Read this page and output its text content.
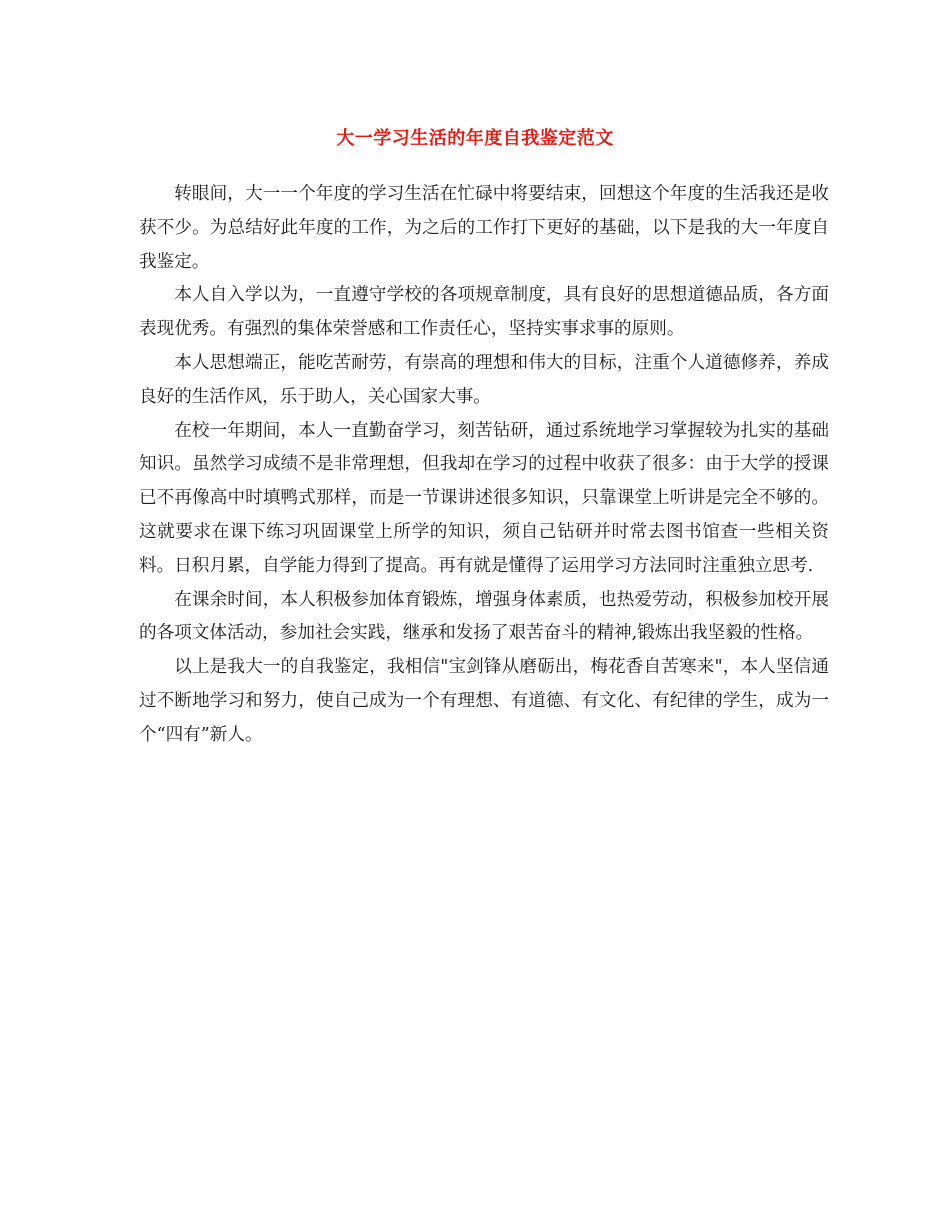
大一学习生活的年度自我鉴定范文

转眼间，大一一个年度的学习生活在忙碌中将要结束，回想这个年度的生活我还是收获不少。为总结好此年度的工作，为之后的工作打下更好的基础，以下是我的大一年度自我鉴定。

本人自入学以为，一直遵守学校的各项规章制度，具有良好的思想道德品质，各方面表现优秀。有强烈的集体荣誉感和工作责任心，坚持实事求事的原则。

本人思想端正，能吃苦耐劳，有崇高的理想和伟大的目标，注重个人道德修养，养成良好的生活作风，乐于助人，关心国家大事。

在校一年期间，本人一直勤奋学习，刻苦钻研，通过系统地学习掌握较为扎实的基础知识。虽然学习成绩不是非常理想，但我却在学习的过程中收获了很多：由于大学的授课已不再像高中时填鸭式那样，而是一节课讲述很多知识，只靠课堂上听讲是完全不够的。这就要求在课下练习巩固课堂上所学的知识，须自己钻研并时常去图书馆查一些相关资料。日积月累，自学能力得到了提高。再有就是懂得了运用学习方法同时注重独立思考.

在课余时间，本人积极参加体育锻炼，增强身体素质，也热爱劳动，积极参加校开展的各项文体活动，参加社会实践，继承和发扬了艰苦奋斗的精神,锻炼出我坚毅的性格。

以上是我大一的自我鉴定，我相信"宝剑锋从磨砺出，梅花香自苦寒来"，本人坚信通过不断地学习和努力，使自己成为一个有理想、有道德、有文化、有纪律的学生，成为一个“四有”新人。
